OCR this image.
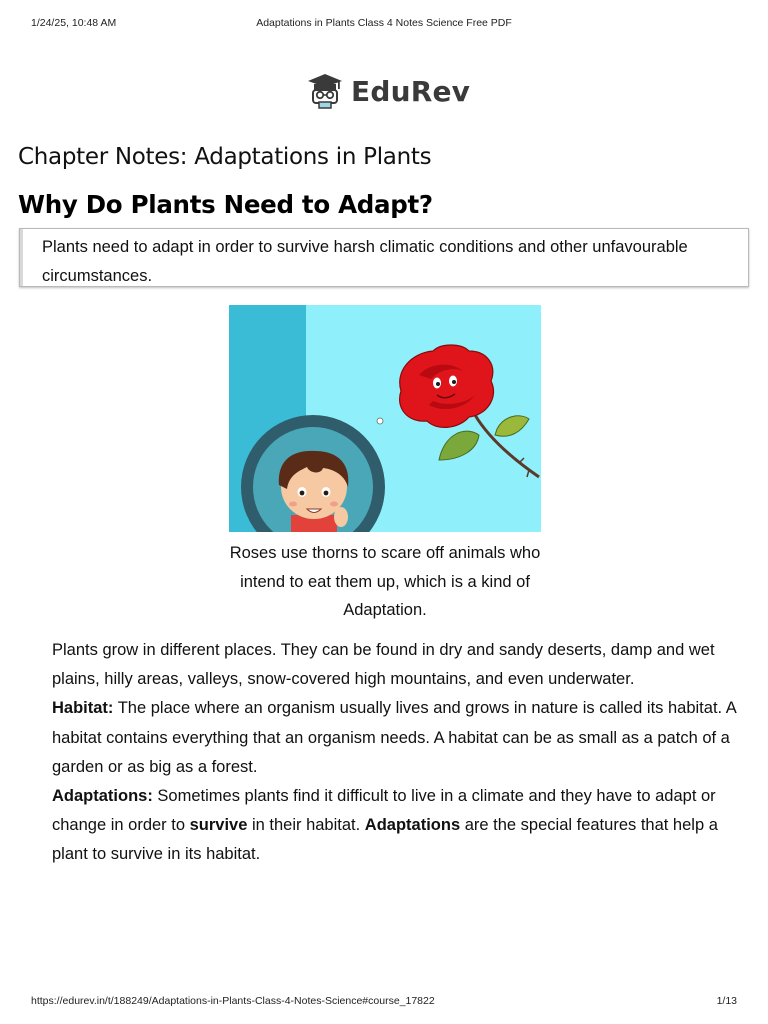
1/24/25, 10:48 AM	Adaptations in Plants Class 4 Notes Science Free PDF
EduRev
Chapter Notes: Adaptations in Plants
Why Do Plants Need to Adapt?
Plants need to adapt in order to survive harsh climatic conditions and other unfavourable circumstances.
Roses use thorns to scare off animals who intend to eat them up, which is a kind of Adaptation.

Plants grow in different places. They can be found in dry and sandy deserts, damp and wet plains, hilly areas, valleys, snow-covered high mountains, and even underwater.

Habitat: The place where an organism usually lives and grows in nature is called its habitat. A habitat contains everything that an organism needs. A habitat can be as small as a patch of a garden or as big as a forest.

Adaptations: Sometimes plants find it difficult to live in a climate and they have to adapt or change in order to survive in their habitat. Adaptations are the special features that help a plant to survive in its habitat.

https://edurev.in/t/188249/Adaptations-in-Plants-Class-4-Notes-Science#course_17822	1/13
